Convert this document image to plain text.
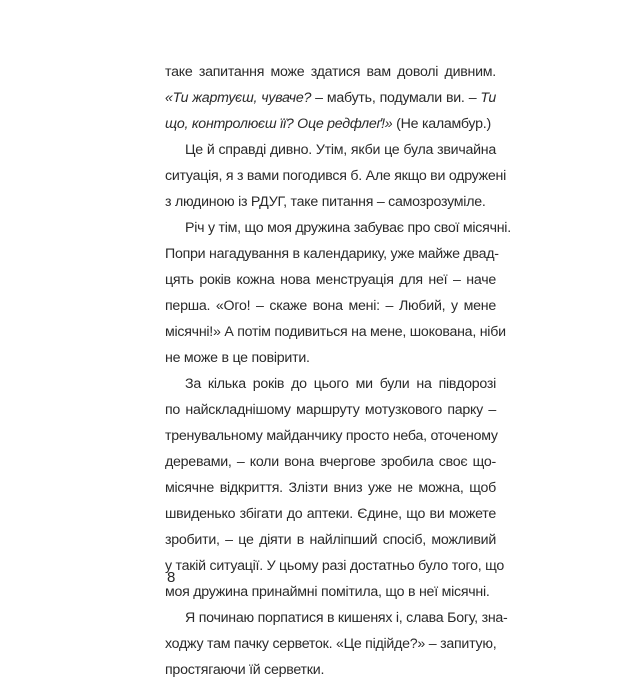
таке запитання може здатися вам доволі дивним.
«Ти жартуєш, чуваче? – мабуть, подумали ви. – Ти
що, контролюєш її? Оце редфлеґ!» (Не каламбур.)
Це й справді дивно. Утім, якби це була звичайна
ситуація, я з вами погодився б. Але якщо ви одружені
з людиною із РДУГ, таке питання – самозрозуміле.
Річ у тім, що моя дружина забуває про свої місячні.
Попри нагадування в календарику, уже майже двад-
цять років кожна нова менструація для неї – наче
перша. «Ого! – скаже вона мені: – Любий, у мене
місячні!» А потім подивиться на мене, шокована, ніби
не може в це повірити.
За кілька років до цього ми були на півдорозі
по найскладнішому маршруту мотузкового парку –
тренувальному майданчику просто неба, оточеному
деревами, – коли вона вчергове зробила своє що-
місячне відкриття. Злізти вниз уже не можна, щоб
швиденько збігати до аптеки. Єдине, що ви можете
зробити, – це діяти в найліпший спосіб, можливий
у такій ситуації. У цьому разі достатньо було того, що
моя дружина принаймні помітила, що в неї місячні.
Я починаю порпатися в кишенях і, слава Богу, зна-
ходжу там пачку серветок. «Це підійде?» – запитую,
простягаючи їй серветки.
8
